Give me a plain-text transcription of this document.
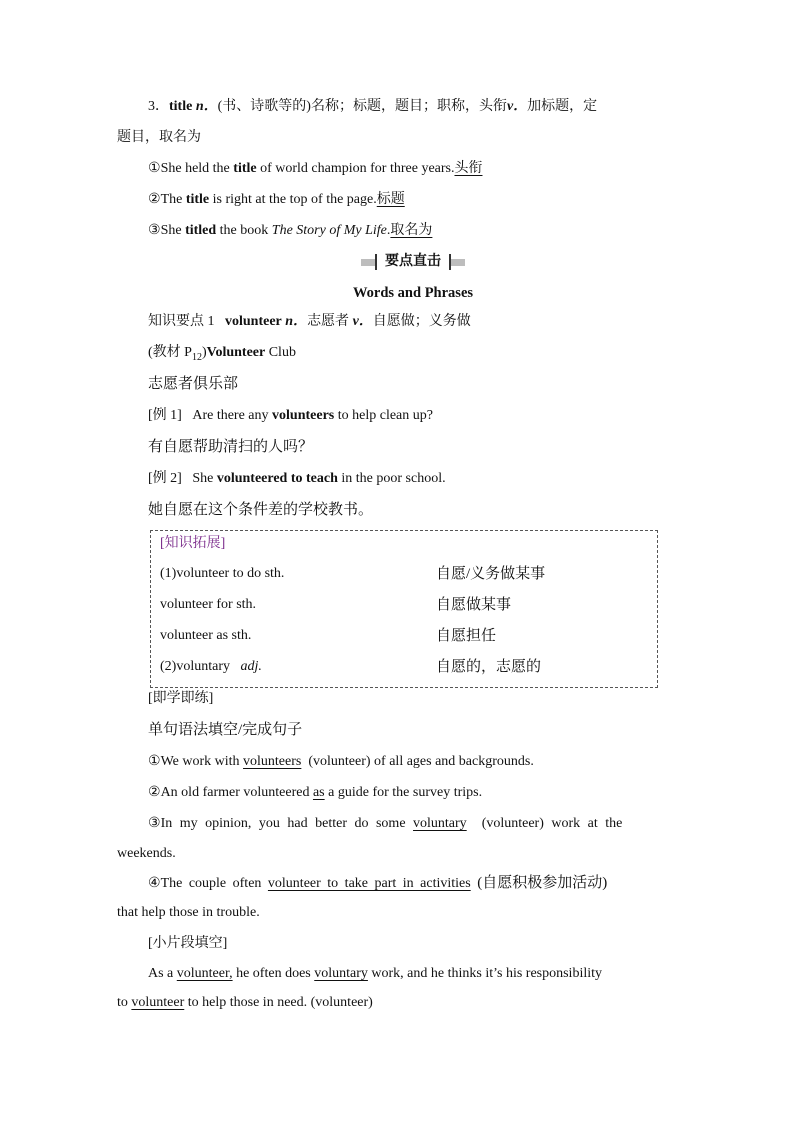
3．title n．(书、诗歌等的)名称；标题，题目；职称，头衔v．加标题，定
题目，取名为
①She held the title of world champion for three years.头衔
②The title is right at the top of the page.标题
③She titled the book The Story of My Life.取名为
要点直击
Words and Phrases
知识要点 1 volunteer n．志愿者 v．自愿做；义务做
(教材 $P_{12})Volunteer$ Club
志愿者俱乐部
[例 1] Are there any volunteers to help clean up?
有自愿帮助清扫的人吗？
[例 2] She volunteered to teach in the poor school.
她自愿在这个条件差的学校教书。
[知识拓展]
(1)volunteer to do sth.	自愿/义务做某事
volunteer for sth.	自愿做某事
volunteer as sth.	自愿担任
(2)voluntary   adj.	自愿的，志愿的
[即学即练]
单句语法填空/完成句子
①We work with volunteers  (volunteer) of all ages and backgrounds.
②An old farmer volunteered as a guide for the survey trips.
③In my opinion, you had better do some voluntary  (volunteer) work at the
weekends.
④The couple often volunteer to take part in activities (自愿积极参加活动)
that help those in trouble.
[小片段填空]
As a volunteer, he often does voluntary work, and he thinks it’s his responsibility
to volunteer to help those in need. (volunteer)
